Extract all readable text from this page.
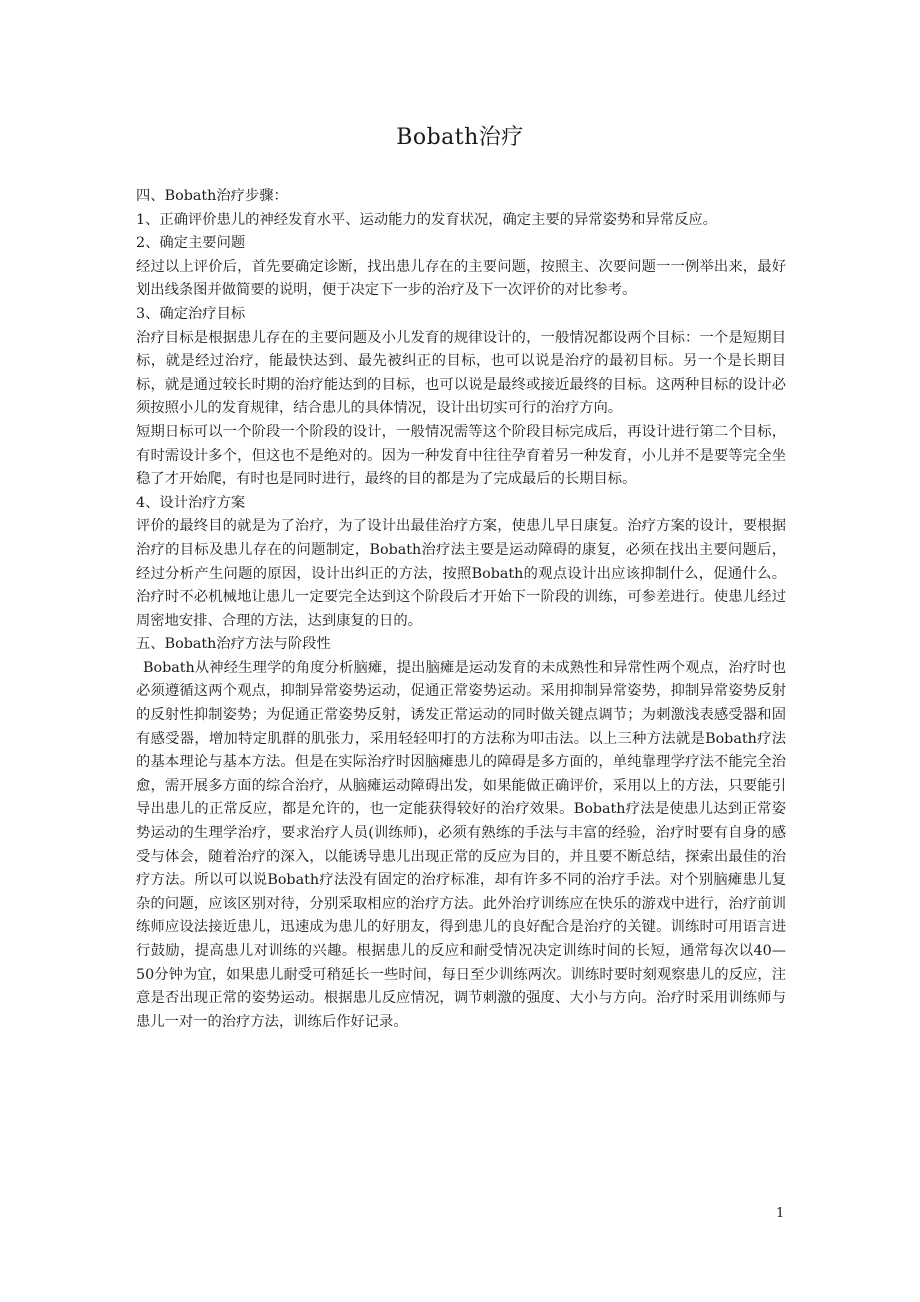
Bobath治疗

四、Bobath治疗步骤：

1、正确评价患儿的神经发育水平、运动能力的发育状况，确定主要的异常姿势和异常反应。

2、确定主要问题

经过以上评价后，首先要确定诊断，找出患儿存在的主要问题，按照主、次要问题一一例举出来，最好划出线条图并做简要的说明，便于决定下一步的治疗及下一次评价的对比参考。

3、确定治疗目标

治疗目标是根据患儿存在的主要问题及小儿发育的规律设计的，一般情况都设两个目标：一个是短期目标，就是经过治疗，能最快达到、最先被纠正的目标，也可以说是治疗的最初目标。另一个是长期目标，就是通过较长时期的治疗能达到的目标，也可以说是最终或接近最终的目标。这两种目标的设计必须按照小儿的发育规律，结合患儿的具体情况，设计出切实可行的治疗方向。

短期日标可以一个阶段一个阶段的设计，一般情况需等这个阶段目标完成后，再设计进行第二个目标，有时需设计多个，但这也不是绝对的。因为一种发育中往往孕育着另一种发育，小儿并不是要等完全坐稳了才开始爬，有时也是同时进行，最终的目的都是为了完成最后的长期目标。

4、设计治疗方案

评价的最终目的就是为了治疗，为了设计出最佳治疗方案，使患儿早日康复。治疗方案的设计，要根据治疗的目标及患儿存在的问题制定，Bobath治疗法主要是运动障碍的康复，必须在找出主要问题后，经过分析产生问题的原因，设计出纠正的方法，按照Bobath的观点设计出应该抑制什么，促通什么。治疗时不必机械地让患儿一定要完全达到这个阶段后才开始下一阶段的训练，可参差进行。使患儿经过周密地安排、合理的方法，达到康复的日的。

五、Bobath治疗方法与阶段性

Bobath从神经生理学的角度分析脑瘫，提出脑瘫是运动发育的未成熟性和异常性两个观点，治疗时也必须遵循这两个观点，抑制异常姿势运动，促通正常姿势运动。采用抑制异常姿势，抑制异常姿势反射的反射性抑制姿势；为促通正常姿势反射，诱发正常运动的同时做关键点调节；为刺激浅表感受器和固有感受器，增加特定肌群的肌张力，采用轻轻叩打的方法称为叩击法。以上三种方法就是Bobath疗法的基本理论与基本方法。但是在实际治疗时因脑瘫患儿的障碍是多方面的，单纯靠理学疗法不能完全治愈，需开展多方面的综合治疗，从脑瘫运动障碍出发，如果能做正确评价，采用以上的方法，只要能引导出患儿的正常反应，都是允许的，也一定能获得较好的治疗效果。Bobath疗法是使患儿达到正常姿势运动的生理学治疗，要求治疗人员(训练师)，必须有熟练的手法与丰富的经验，治疗时要有自身的感受与体会，随着治疗的深入，以能诱导患儿出现正常的反应为目的，并且要不断总结，探索出最佳的治疗方法。所以可以说Bobath疗法没有固定的治疗标准，却有许多不同的治疗手法。对个别脑瘫患儿复杂的问题，应该区别对待，分别采取相应的治疗方法。此外治疗训练应在快乐的游戏中进行，治疗前训练师应设法接近患儿，迅速成为患儿的好朋友，得到患儿的良好配合是治疗的关键。训练时可用语言进行鼓励，提高患儿对训练的兴趣。根据患儿的反应和耐受情况决定训练时间的长短，通常每次以40—50分钟为宜，如果患儿耐受可稍延长一些时间，每日至少训练两次。训练时要时刻观察患儿的反应，注意是否出现正常的姿势运动。根据患儿反应情况，调节刺激的强度、大小与方向。治疗时采用训练师与患儿一对一的治疗方法，训练后作好记录。

1
